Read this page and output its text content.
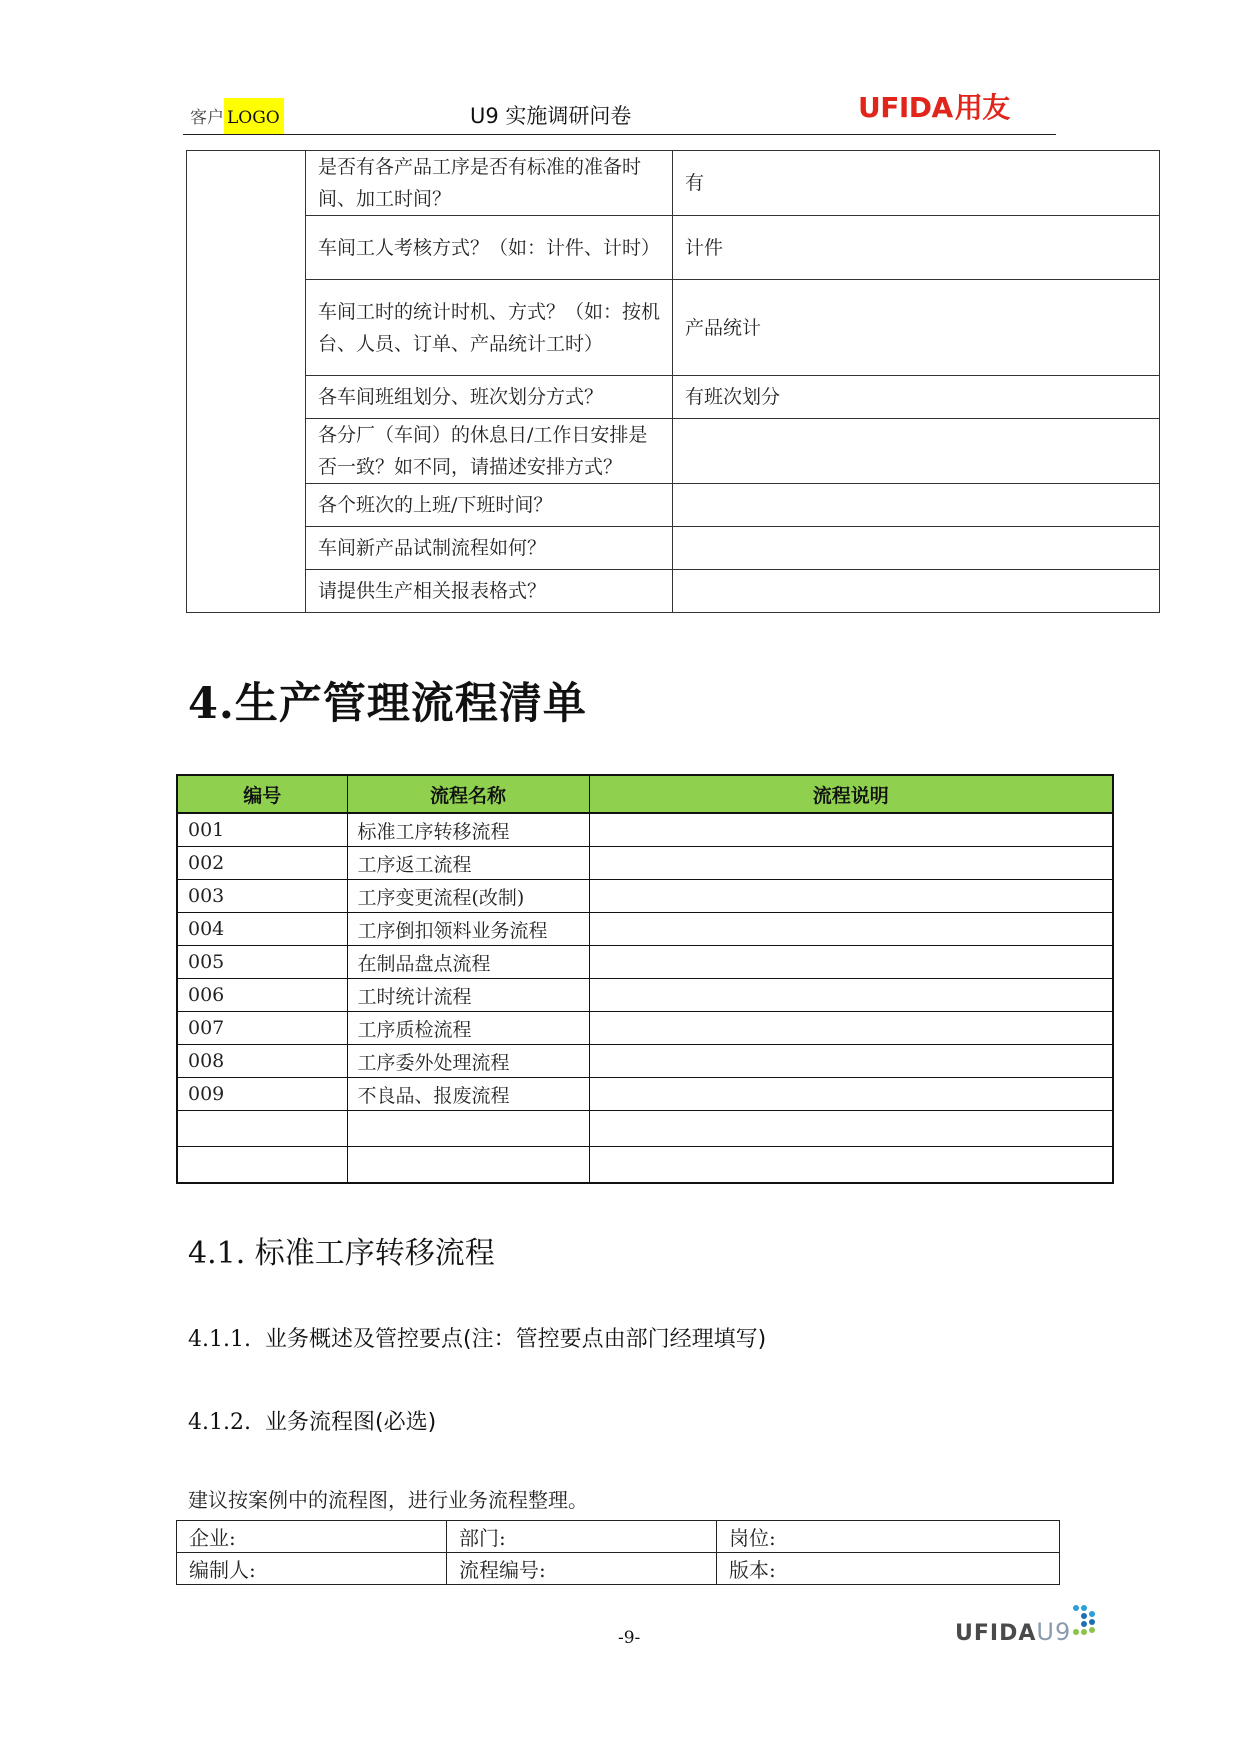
客户 LOGO	U9 实施调研问卷	UFIDA用友
	是否有各产品工序是否有标准的准备时间、加工时间？	有
	车间工人考核方式？（如：计件、计时）	计件
	车间工时的统计时机、方式？（如：按机台、人员、订单、产品统计工时）	产品统计
	各车间班组划分、班次划分方式？	有班次划分
	各分厂（车间）的休息日/工作日安排是否一致？如不同，请描述安排方式？	
	各个班次的上班/下班时间？	
	车间新产品试制流程如何？	
	请提供生产相关报表格式？	
4.生产管理流程清单
编号	流程名称	流程说明
001	标准工序转移流程	
002	工序返工流程	
003	工序变更流程(改制)	
004	工序倒扣领料业务流程	
005	在制品盘点流程	
006	工时统计流程	
007	工序质检流程	
008	工序委外处理流程	
009	不良品、报废流程	

4.1. 标准工序转移流程
4.1.1. 业务概述及管控要点(注：管控要点由部门经理填写)
4.1.2. 业务流程图(必选)
建议按案例中的流程图，进行业务流程整理。
企业:	部门:	岗位:
编制人:	流程编号:	版本:
-9-	UFIDAU9
